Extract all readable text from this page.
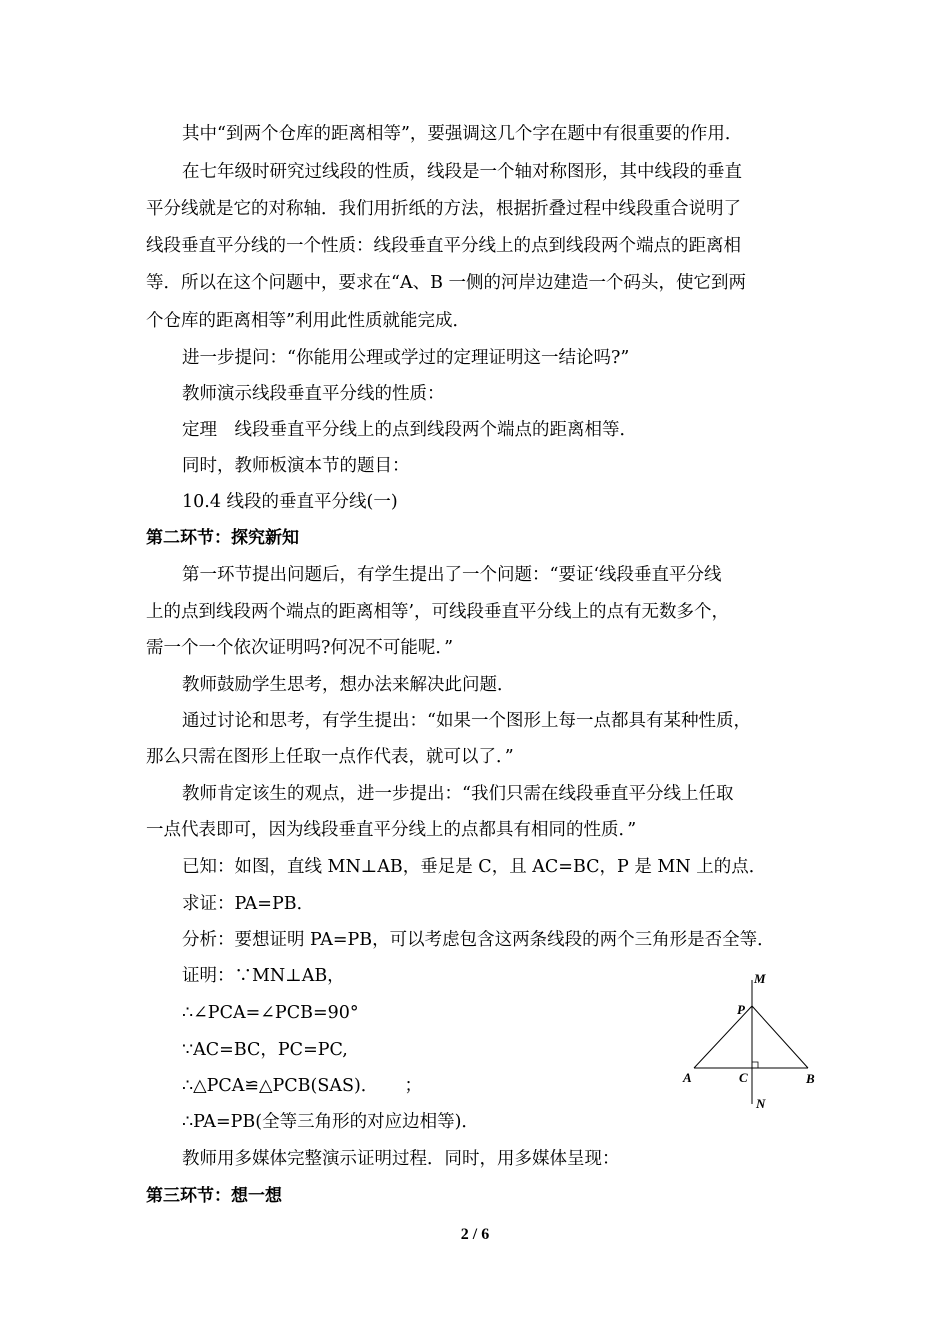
其中“到两个仓库的距离相等”，要强调这几个字在题中有很重要的作用．
在七年级时研究过线段的性质，线段是一个轴对称图形，其中线段的垂直
平分线就是它的对称轴．我们用折纸的方法，根据折叠过程中线段重合说明了
线段垂直平分线的一个性质：线段垂直平分线上的点到线段两个端点的距离相
等．所以在这个问题中，要求在“A、B 一侧的河岸边建造一个码头，使它到两
个仓库的距离相等”利用此性质就能完成．
进一步提问：“你能用公理或学过的定理证明这一结论吗?”
教师演示线段垂直平分线的性质：
定理　线段垂直平分线上的点到线段两个端点的距离相等．
同时，教师板演本节的题目：
10.4 线段的垂直平分线(一)
第二环节：探究新知
第一环节提出问题后，有学生提出了一个问题：“要证‘线段垂直平分线
上的点到线段两个端点的距离相等’，可线段垂直平分线上的点有无数多个，
需一个一个依次证明吗?何况不可能呢．”
教师鼓励学生思考，想办法来解决此问题．
通过讨论和思考，有学生提出：“如果一个图形上每一点都具有某种性质，
那么只需在图形上任取一点作代表，就可以了．”
教师肯定该生的观点，进一步提出：“我们只需在线段垂直平分线上任取
一点代表即可，因为线段垂直平分线上的点都具有相同的性质．”
已知：如图，直线 MN⊥AB，垂足是 C，且 AC=BC，P 是 MN 上的点．
求证：PA=PB．
分析：要想证明 PA=PB，可以考虑包含这两条线段的两个三角形是否全等．
证明：∵MN⊥AB，
∴∠PCA=∠PCB=90°
∵AC=BC，PC=PC,
∴△PCA≌△PCB(SAS)．　　；
∴PA=PB(全等三角形的对应边相等)．
教师用多媒体完整演示证明过程．同时，用多媒体呈现：
第三环节：想一想
M
P
A	C	B
N
2 / 6
